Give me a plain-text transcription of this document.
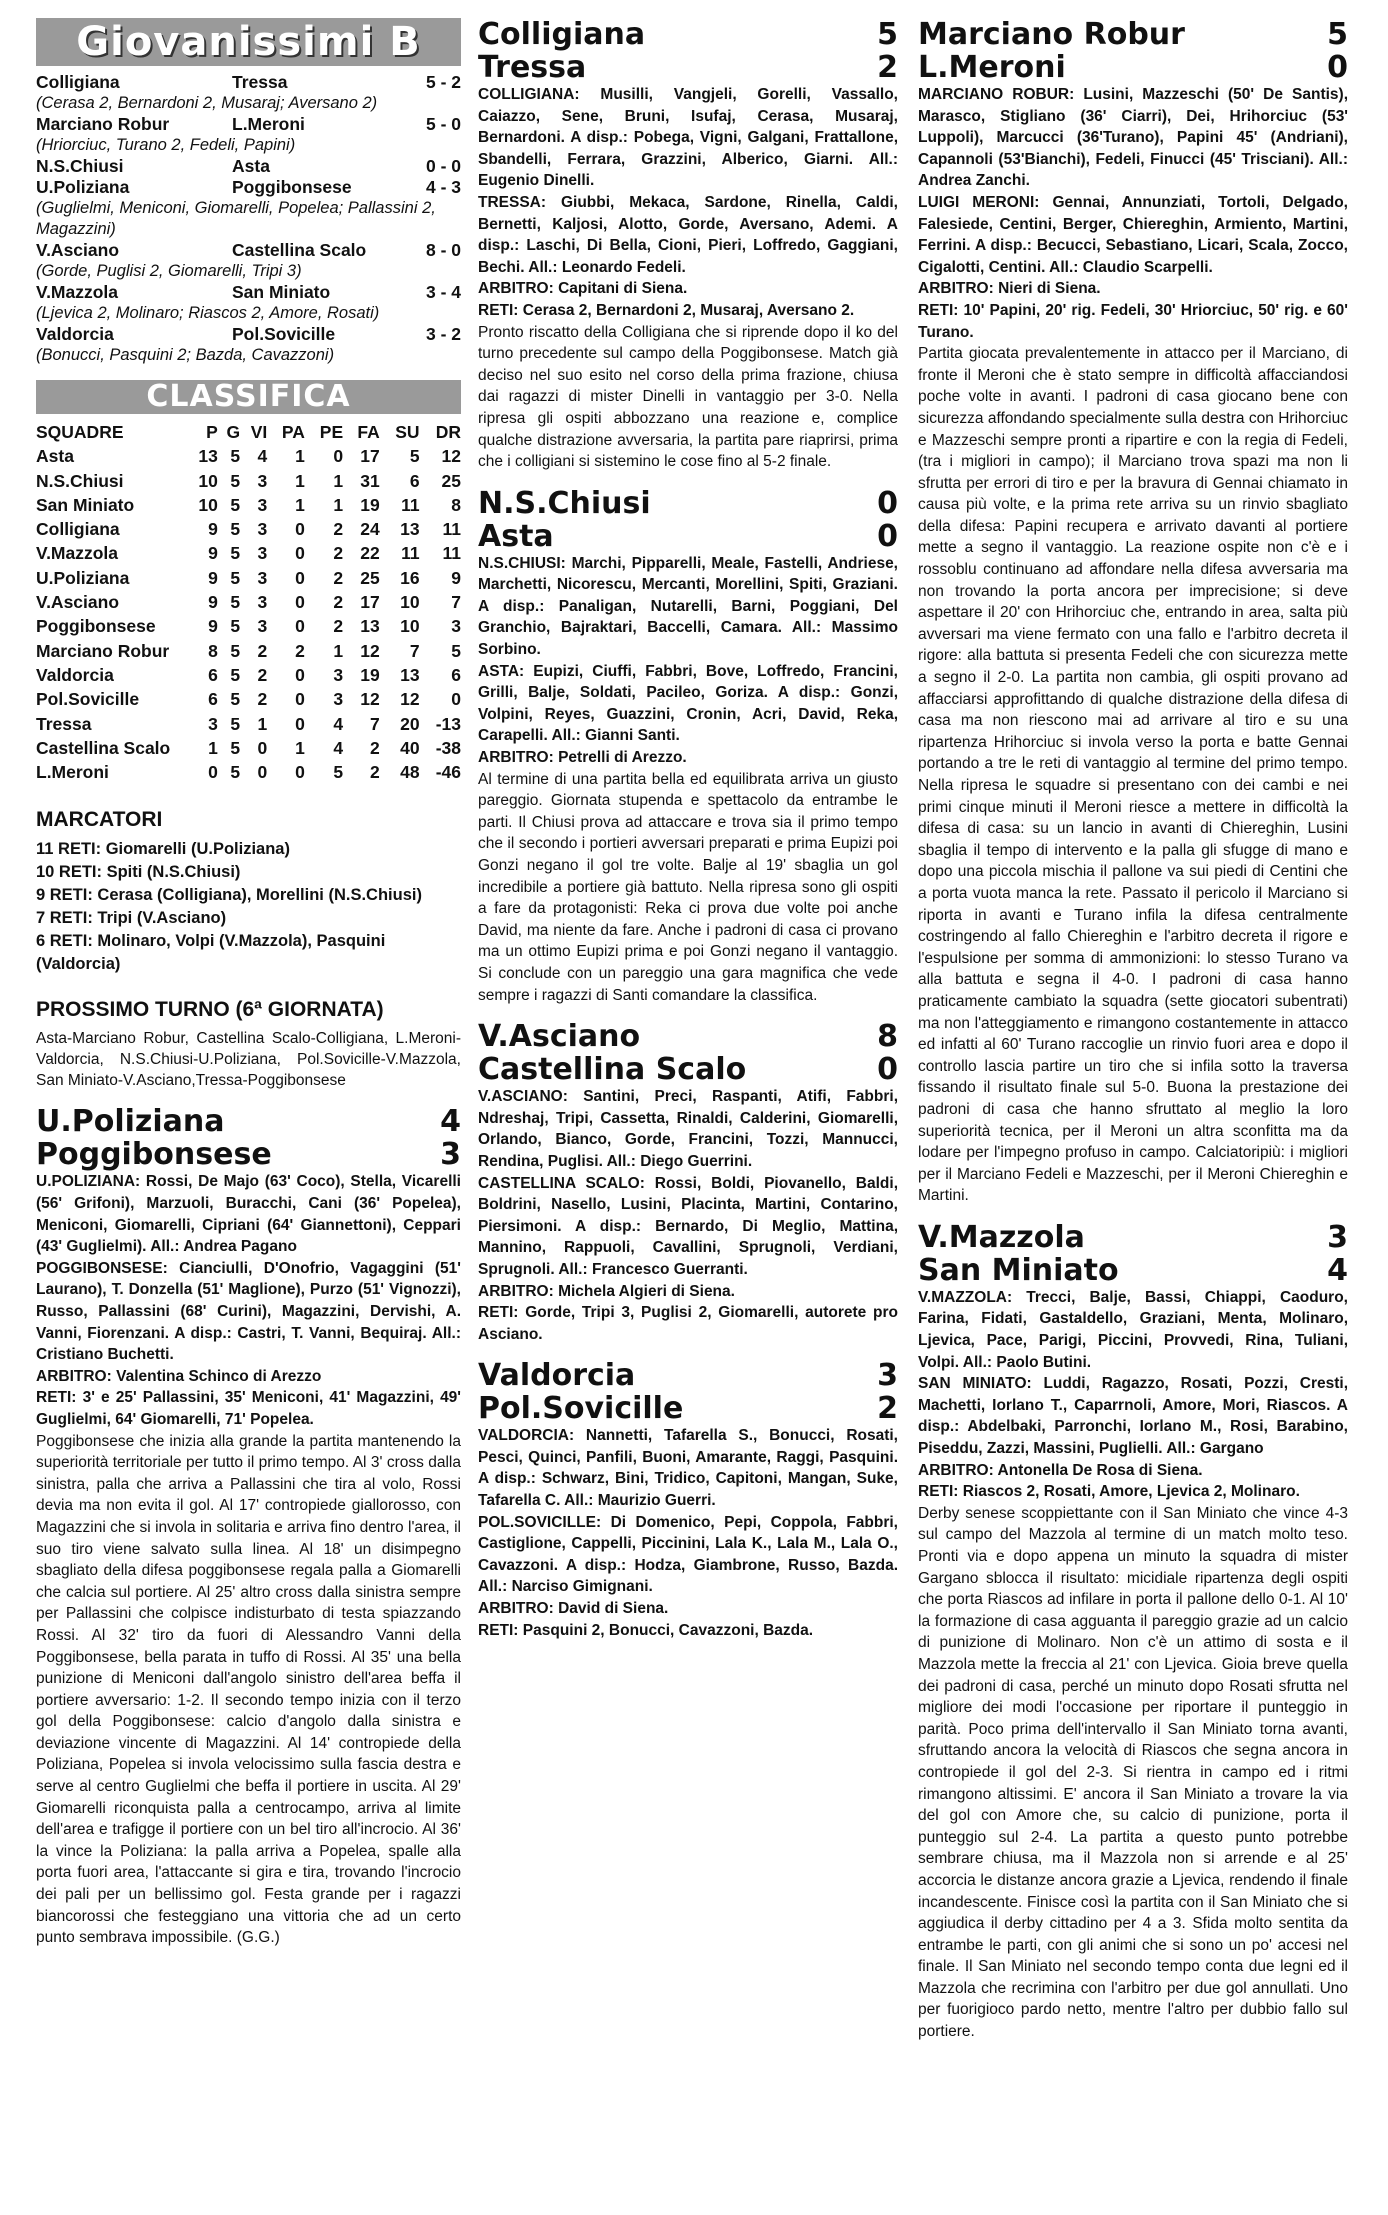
Giovanissimi B
Colligiana	Tressa	5 - 2
(Cerasa 2, Bernardoni 2, Musaraj; Aversano 2)
Marciano Robur	L.Meroni	5 - 0
(Hriorciuc, Turano 2, Fedeli, Papini)
N.S.Chiusi	Asta	0 - 0
U.Poliziana	Poggibonsese	4 - 3
(Guglielmi, Meniconi, Giomarelli, Popelea; Pallassini 2, Magazzini)
V.Asciano	Castellina Scalo	8 - 0
(Gorde, Puglisi 2, Giomarelli, Tripi 3)
V.Mazzola	San Miniato	3 - 4
(Ljevica 2, Molinaro; Riascos 2, Amore, Rosati)
Valdorcia	Pol.Sovicille	3 - 2
(Bonucci, Pasquini 2; Bazda, Cavazzoni)
CLASSIFICA
SQUADRE	P	G	VI	PA	PE	FA	SU	DR
Asta	13	5	4	1	0	17	5	12
N.S.Chiusi	10	5	3	1	1	31	6	25
San Miniato	10	5	3	1	1	19	11	8
Colligiana	9	5	3	0	2	24	13	11
V.Mazzola	9	5	3	0	2	22	11	11
U.Poliziana	9	5	3	0	2	25	16	9
V.Asciano	9	5	3	0	2	17	10	7
Poggibonsese	9	5	3	0	2	13	10	3
Marciano Robur	8	5	2	2	1	12	7	5
Valdorcia	6	5	2	0	3	19	13	6
Pol.Sovicille	6	5	2	0	3	12	12	0
Tressa	3	5	1	0	4	7	20	-13
Castellina Scalo	1	5	0	1	4	2	40	-38
L.Meroni	0	5	0	0	5	2	48	-46
MARCATORI
11 RETI: Giomarelli (U.Poliziana)
10 RETI: Spiti (N.S.Chiusi)
9 RETI: Cerasa (Colligiana), Morellini (N.S.Chiusi)
7 RETI: Tripi (V.Asciano)
6 RETI: Molinaro, Volpi (V.Mazzola), Pasquini (Valdorcia)
PROSSIMO TURNO (6ª GIORNATA)
Asta-Marciano Robur, Castellina Scalo-Colligiana, L.Meroni-Valdorcia, N.S.Chiusi-U.Poliziana, Pol.Sovicille-V.Mazzola, San Miniato-V.Asciano,Tressa-Poggibonsese
U.Poliziana	4
Poggibonsese	3

U.POLIZIANA: Rossi, De Majo (63' Coco), Stella, Vicarelli (56' Grifoni), Marzuoli, Buracchi, Cani (36' Popelea), Meniconi, Giomarelli, Cipriani (64' Giannettoni), Ceppari (43' Guglielmi). All.: Andrea Pagano

POGGIBONSESE: Cianciulli, D'Onofrio, Vagaggini (51' Laurano), T. Donzella (51' Maglione), Purzo (51' Vignozzi), Russo, Pallassini (68' Curini), Magazzini, Dervishi, A. Vanni, Fiorenzani. A disp.: Castri, T. Vanni, Bequiraj. All.: Cristiano Buchetti.

ARBITRO: Valentina Schinco di Arezzo

RETI: 3' e 25' Pallassini, 35' Meniconi, 41' Magazzini, 49' Guglielmi, 64' Giomarelli, 71' Popelea.

Poggibonsese che inizia alla grande la partita mantenendo la superiorità territoriale per tutto il primo tempo. Al 3' cross dalla sinistra, palla che arriva a Pallassini che tira al volo, Rossi devia ma non evita il gol. Al 17' contropiede giallorosso, con Magazzini che si invola in solitaria e arriva fino dentro l'area, il suo tiro viene salvato sulla linea. Al 18' un disimpegno sbagliato della difesa poggibonsese regala palla a Giomarelli che calcia sul portiere. Al 25' altro cross dalla sinistra sempre per Pallassini che colpisce indisturbato di testa spiazzando Rossi. Al 32' tiro da fuori di Alessandro Vanni della Poggibonsese, bella parata in tuffo di Rossi. Al 35' una bella punizione di Meniconi dall'angolo sinistro dell'area beffa il portiere avversario: 1-2. Il secondo tempo inizia con il terzo gol della Poggibonsese: calcio d'angolo dalla sinistra e deviazione vincente di Magazzini. Al 14' contropiede della Poliziana, Popelea si invola velocissimo sulla fascia destra e serve al centro Guglielmi che beffa il portiere in uscita. Al 29' Giomarelli riconquista palla a centrocampo, arriva al limite dell'area e trafigge il portiere con un bel tiro all'incrocio. Al 36' la vince la Poliziana: la palla arriva a Popelea, spalle alla porta fuori area, l'attaccante si gira e tira, trovando l'incrocio dei pali per un bellissimo gol. Festa grande per i ragazzi biancorossi che festeggiano una vittoria che ad un certo punto sembrava impossibile. (G.G.)

Colligiana	5
Tressa	2

COLLIGIANA: Musilli, Vangjeli, Gorelli, Vassallo, Caiazzo, Sene, Bruni, Isufaj, Cerasa, Musaraj, Bernardoni. A disp.: Pobega, Vigni, Galgani, Frattallone, Sbandelli, Ferrara, Grazzini, Alberico, Giarni. All.: Eugenio Dinelli.

TRESSA: Giubbi, Mekaca, Sardone, Rinella, Caldi, Bernetti, Kaljosi, Alotto, Gorde, Aversano, Ademi. A disp.: Laschi, Di Bella, Cioni, Pieri, Loffredo, Gaggiani, Bechi. All.: Leonardo Fedeli.

ARBITRO: Capitani di Siena.

RETI: Cerasa 2, Bernardoni 2, Musaraj, Aversano 2.

Pronto riscatto della Colligiana che si riprende dopo il ko del turno precedente sul campo della Poggibonsese. Match già deciso nel suo esito nel corso della prima frazione, chiusa dai ragazzi di mister Dinelli in vantaggio per 3-0. Nella ripresa gli ospiti abbozzano una reazione e, complice qualche distrazione avversaria, la partita pare riaprirsi, prima che i colligiani si sistemino le cose fino al 5-2 finale.

N.S.Chiusi	0
Asta	0

N.S.CHIUSI: Marchi, Pipparelli, Meale, Fastelli, Andriese, Marchetti, Nicorescu, Mercanti, Morellini, Spiti, Graziani. A disp.: Panaligan, Nutarelli, Barni, Poggiani, Del Granchio, Bajraktari, Baccelli, Camara. All.: Massimo Sorbino.

ASTA: Eupizi, Ciuffi, Fabbri, Bove, Loffredo, Francini, Grilli, Balje, Soldati, Pacileo, Goriza. A disp.: Gonzi, Volpini, Reyes, Guazzini, Cronin, Acri, David, Reka, Carapelli. All.: Gianni Santi.

ARBITRO: Petrelli di Arezzo.

Al termine di una partita bella ed equilibrata arriva un giusto pareggio. Giornata stupenda e spettacolo da entrambe le parti. Il Chiusi prova ad attaccare e trova sia il primo tempo che il secondo i portieri avversari preparati e prima Eupizi poi Gonzi negano il gol tre volte. Balje al 19' sbaglia un gol incredibile a portiere già battuto. Nella ripresa sono gli ospiti a fare da protagonisti: Reka ci prova due volte poi anche David, ma niente da fare. Anche i padroni di casa ci provano ma un ottimo Eupizi prima e poi Gonzi negano il vantaggio. Si conclude con un pareggio una gara magnifica che vede sempre i ragazzi di Santi comandare la classifica.

V.Asciano	8
Castellina Scalo	0

V.ASCIANO: Santini, Preci, Raspanti, Atifi, Fabbri, Ndreshaj, Tripi, Cassetta, Rinaldi, Calderini, Giomarelli, Orlando, Bianco, Gorde, Francini, Tozzi, Mannucci, Rendina, Puglisi. All.: Diego Guerrini.

CASTELLINA SCALO: Rossi, Boldi, Piovanello, Baldi, Boldrini, Nasello, Lusini, Placinta, Martini, Contarino, Piersimoni. A disp.: Bernardo, Di Meglio, Mattina, Mannino, Rappuoli, Cavallini, Sprugnoli, Verdiani, Sprugnoli. All.: Francesco Guerranti.

ARBITRO: Michela Algieri di Siena.

RETI: Gorde, Tripi 3, Puglisi 2, Giomarelli, autorete pro Asciano.

Valdorcia	3
Pol.Sovicille	2

VALDORCIA: Nannetti, Tafarella S., Bonucci, Rosati, Pesci, Quinci, Panfili, Buoni, Amarante, Raggi, Pasquini. A disp.: Schwarz, Bini, Tridico, Capitoni, Mangan, Suke, Tafarella C. All.: Maurizio Guerri.

POL.SOVICILLE: Di Domenico, Pepi, Coppola, Fabbri, Castiglione, Cappelli, Piccinini, Lala K., Lala M., Lala O., Cavazzoni. A disp.: Hodza, Giambrone, Russo, Bazda. All.: Narciso Gimignani.

ARBITRO: David di Siena.

RETI: Pasquini 2, Bonucci, Cavazzoni, Bazda.

Marciano Robur	5
L.Meroni	0

MARCIANO ROBUR: Lusini, Mazzeschi (50' De Santis), Marasco, Stigliano (36' Ciarri), Dei, Hrihorciuc (53' Luppoli), Marcucci (36'Turano), Papini 45' (Andriani), Capannoli (53'Bianchi), Fedeli, Finucci (45' Trisciani). All.: Andrea Zanchi.

LUIGI MERONI: Gennai, Annunziati, Tortoli, Delgado, Falesiede, Centini, Berger, Chiereghin, Armiento, Martini, Ferrini. A disp.: Becucci, Sebastiano, Licari, Scala, Zocco, Cigalotti, Centini. All.: Claudio Scarpelli.

ARBITRO: Nieri di Siena.

RETI: 10' Papini, 20' rig. Fedeli, 30' Hriorciuc, 50' rig. e 60' Turano.

Partita giocata prevalentemente in attacco per il Marciano, di fronte il Meroni che è stato sempre in difficoltà affacciandosi poche volte in avanti. I padroni di casa giocano bene con sicurezza affondando specialmente sulla destra con Hrihorciuc e Mazzeschi sempre pronti a ripartire e con la regia di Fedeli, (tra i migliori in campo); il Marciano trova spazi ma non li sfrutta per errori di tiro e per la bravura di Gennai chiamato in causa più volte, e la prima rete arriva su un rinvio sbagliato della difesa: Papini recupera e arrivato davanti al portiere mette a segno il vantaggio. La reazione ospite non c'è e i rossoblu continuano ad affondare nella difesa avversaria ma non trovando la porta ancora per imprecisione; si deve aspettare il 20' con Hrihorciuc che, entrando in area, salta più avversari ma viene fermato con una fallo e l'arbitro decreta il rigore: alla battuta si presenta Fedeli che con sicurezza mette a segno il 2-0. La partita non cambia, gli ospiti provano ad affacciarsi approfittando di qualche distrazione della difesa di casa ma non riescono mai ad arrivare al tiro e su una ripartenza Hrihorciuc si invola verso la porta e batte Gennai portando a tre le reti di vantaggio al termine del primo tempo. Nella ripresa le squadre si presentano con dei cambi e nei primi cinque minuti il Meroni riesce a mettere in difficoltà la difesa di casa: su un lancio in avanti di Chiereghin, Lusini sbaglia il tempo di intervento e la palla gli sfugge di mano e dopo una piccola mischia il pallone va sui piedi di Centini che a porta vuota manca la rete. Passato il pericolo il Marciano si riporta in avanti e Turano infila la difesa centralmente costringendo al fallo Chiereghin e l'arbitro decreta il rigore e l'espulsione per somma di ammonizioni: lo stesso Turano va alla battuta e segna il 4-0. I padroni di casa hanno praticamente cambiato la squadra (sette giocatori subentrati) ma non l'atteggiamento e rimangono costantemente in attacco ed infatti al 60' Turano raccoglie un rinvio fuori area e dopo il controllo lascia partire un tiro che si infila sotto la traversa fissando il risultato finale sul 5-0. Buona la prestazione dei padroni di casa che hanno sfruttato al meglio la loro superiorità tecnica, per il Meroni un altra sconfitta ma da lodare per l'impegno profuso in campo. Calciatoripiù: i migliori per il Marciano Fedeli e Mazzeschi, per il Meroni Chiereghin e Martini.

V.Mazzola	3
San Miniato	4

V.MAZZOLA: Trecci, Balje, Bassi, Chiappi, Caoduro, Farina, Fidati, Gastaldello, Graziani, Menta, Molinaro, Ljevica, Pace, Parigi, Piccini, Provvedi, Rina, Tuliani, Volpi. All.: Paolo Butini.

SAN MINIATO: Luddi, Ragazzo, Rosati, Pozzi, Cresti, Machetti, Iorlano T., Caparrnoli, Amore, Mori, Riascos. A disp.: Abdelbaki, Parronchi, Iorlano M., Rosi, Barabino, Piseddu, Zazzi, Massini, Puglielli. All.: Gargano

ARBITRO: Antonella De Rosa di Siena.

RETI: Riascos 2, Rosati, Amore, Ljevica 2, Molinaro.

Derby senese scoppiettante con il San Miniato che vince 4-3 sul campo del Mazzola al termine di un match molto teso. Pronti via e dopo appena un minuto la squadra di mister Gargano sblocca il risultato: micidiale ripartenza degli ospiti che porta Riascos ad infilare in porta il pallone dello 0-1. Al 10' la formazione di casa agguanta il pareggio grazie ad un calcio di punizione di Molinaro. Non c'è un attimo di sosta e il Mazzola mette la freccia al 21' con Ljevica. Gioia breve quella dei padroni di casa, perché un minuto dopo Rosati sfrutta nel migliore dei modi l'occasione per riportare il punteggio in parità. Poco prima dell'intervallo il San Miniato torna avanti, sfruttando ancora la velocità di Riascos che segna ancora in contropiede il gol del 2-3. Si rientra in campo ed i ritmi rimangono altissimi. E' ancora il San Miniato a trovare la via del gol con Amore che, su calcio di punizione, porta il punteggio sul 2-4. La partita a questo punto potrebbe sembrare chiusa, ma il Mazzola non si arrende e al 25' accorcia le distanze ancora grazie a Ljevica, rendendo il finale incandescente. Finisce così la partita con il San Miniato che si aggiudica il derby cittadino per 4 a 3. Sfida molto sentita da entrambe le parti, con gli animi che si sono un po' accesi nel finale. Il San Miniato nel secondo tempo conta due legni ed il Mazzola che recrimina con l'arbitro per due gol annullati. Uno per fuorigioco pardo netto, mentre l'altro per dubbio fallo sul portiere.
